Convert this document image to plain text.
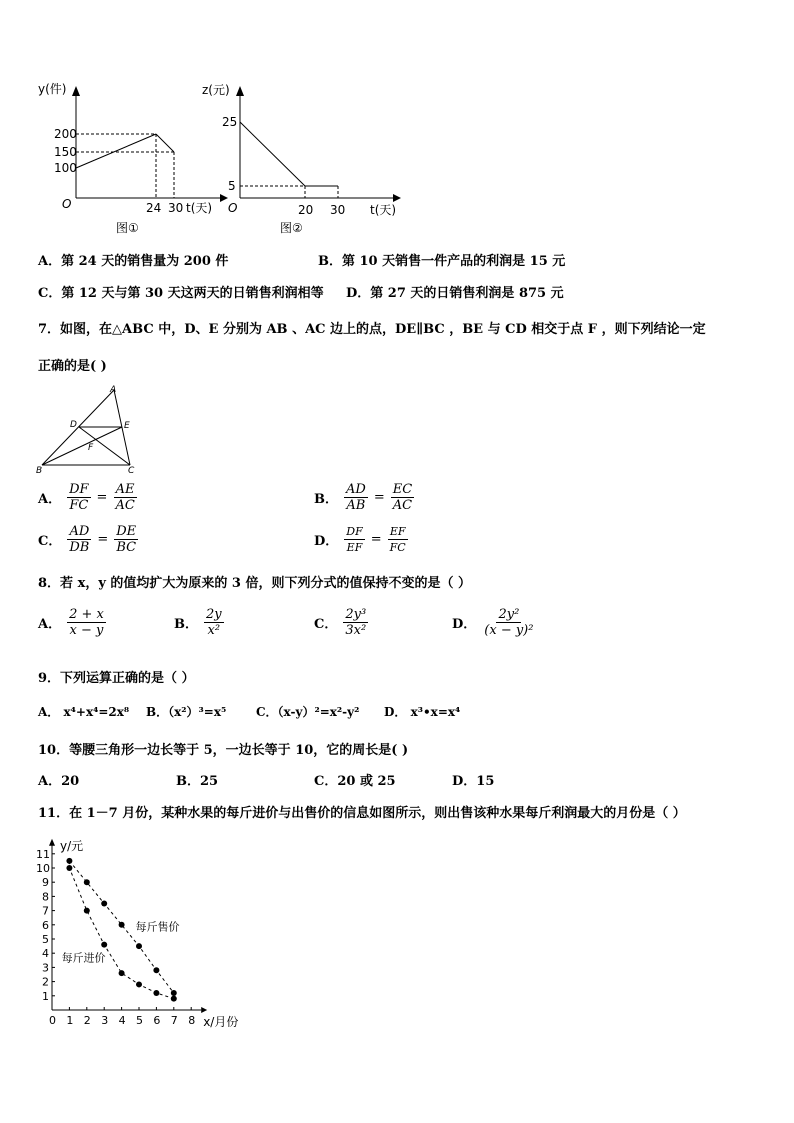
y(件)
200
150
100
O	24 30 t(天)
图①
z(元)
25
5
O	20 30 t(天)
图②
A．第 24 天的销售量为 200 件	B．第 10 天销售一件产品的利润是 15 元
C．第 12 天与第 30 天这两天的日销售利润相等 D．第 27 天的日销售利润是 875 元
7．如图，在△ABC 中，D、E 分别为 AB 、AC 边上的点，DE∥BC ，BE 与 CD 相交于点 F ，则下列结论一定
正确的是( )
A
D	E
F
B	C
A． $\frac{DF}{FC} = \frac{AE}{AC}$	B． $\frac{AD}{AB} = \frac{EC}{AC}$
C． $\frac{AD}{DB} = \frac{DE}{BC}$	D． $\frac{DF}{EF} = \frac{EF}{FC}$
8．若 x，y 的值均扩大为原来的 3 倍，则下列分式的值保持不变的是（ ）
A． $\frac{2 + x}{x - y}$	B． $\frac{2y}{\text{x²}}$	C． $\frac{\text{2y³}}{\text{3x²}}$	D． $\frac{\text{2y²}}{\text{(x − y)²}}$
9．下列运算正确的是（ ）
A． x⁴+x⁴=2x⁸ B．（x²）³=x⁵ C．（x-y）²=x²-y² D． x³•x=x⁴
10．等腰三角形一边长等于 5，一边长等于 10，它的周长是( )
A．20	B．25	C．20 或 25	D．15
11．在 1－7 月份，某种水果的每斤进价与出售价的信息如图所示，则出售该种水果每斤利润最大的月份是（ ）
0 1 2 3 4 5 6 7 8
1
2
3
4
5
6
7
8
9
10
11
y/元
x/月份
每斤售价
每斤进价
